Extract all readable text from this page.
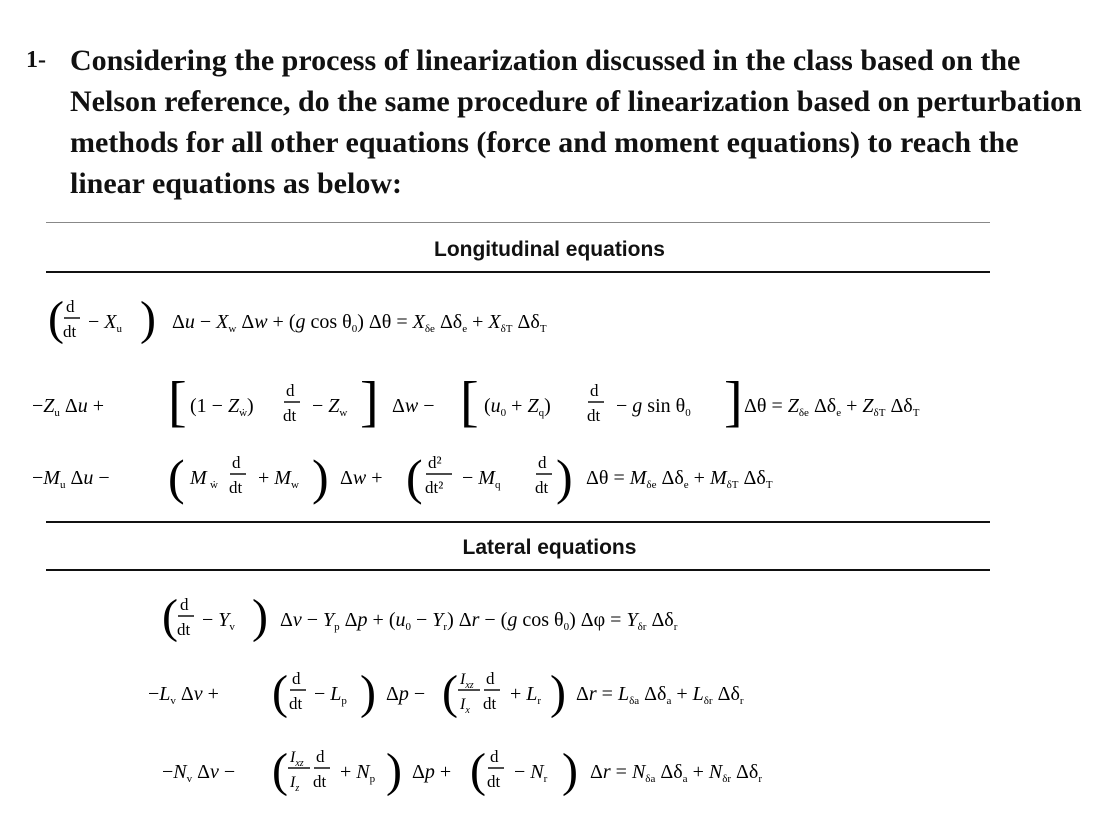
1- Considering the process of linearization discussed in the class based on the Nelson reference, do the same procedure of linearization based on perturbation methods for all other equations (force and moment equations) to reach the linear equations as below:
Longitudinal equations
( d
dt − $X_u$ ) $\Delta u - X_w$ Δw + (g $\cos \theta_0$) $\Delta\theta = X_{\delta e}$ $\Delta\delta_e + X_{\delta T}$ $\Delta\delta_T$
$-Z_u$ Δu + [ $(1 - Z_ẇ)$
d
dt − $Z_w$ ] Δw − [ $(u_0 + Z_q)$
d
dt − g $\sin \theta_0$ ] $\Delta\theta = Z_{\delta e}$ $\Delta\delta_e + Z_{\delta T}$ $\Delta\delta_T$
$-M_u$ Δu − ( M ẇ
d
dt + $M_w$ ) Δw + ( d²
$dt^2 - M_q$
d
dt ) $\Delta\theta = M_{\delta e}$ $\Delta\delta_e + M_{\delta T}$ $\Delta\delta_T$
Lateral equations
( d
dt − $Y_v$ ) $\Delta v - Y_p$ $\Delta p + (u_0 - Y_r) \Delta r - (g$ $\cos \theta_0$) $\Delta\varphi = Y_{\delta r}$ $\Delta\delta_r$
$-L_v$ Δv + ( d
dt − $L_p$ ) Δp − ( $I_{xz}$
$I_x$
d
dt + $L_r$ ) $\Delta r = L_{\delta a}$ $\Delta\delta_a + L_{\delta r}$ $\Delta\delta_r$
$-N_v$ Δv − ( $I_{xz}$
$I_z$
d
dt + $N_p$ ) Δp + ( d
dt − $N_r$ ) $\Delta r = N_{\delta a}$ $\Delta\delta_a + N_{\delta r}$ $\Delta\delta_r$
